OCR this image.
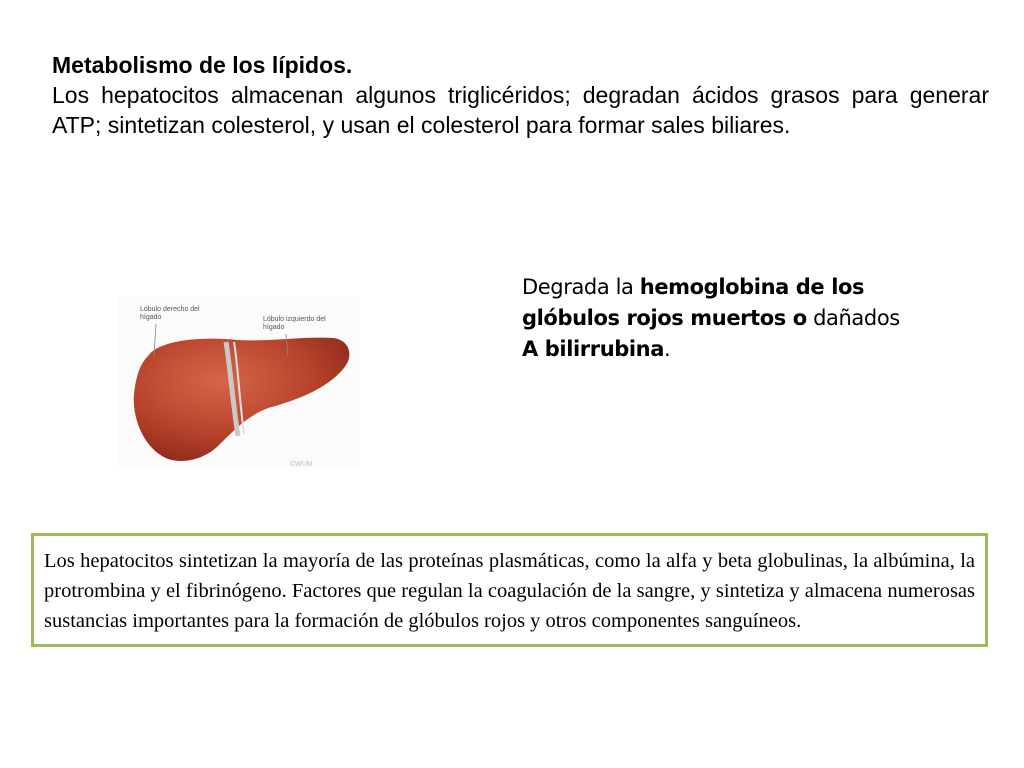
Metabolismo de los lípidos.
Los hepatocitos almacenan algunos triglicéridos; degradan ácidos grasos para generar ATP; sintetizan colesterol, y usan el colesterol para formar sales biliares.
Lóbulo derecho del hígado	Lóbulo izquierdo del hígado
©WUM
Degrada la hemoglobina de los glóbulos rojos muertos o dañados A bilirrubina.
Los hepatocitos sintetizan la mayoría de las proteínas plasmáticas, como la alfa y beta globulinas, la albúmina, la protrombina y el fibrinógeno. Factores que regulan la coagulación de la sangre, y sintetiza y almacena numerosas sustancias importantes para la formación de glóbulos rojos y otros componentes sanguíneos.
